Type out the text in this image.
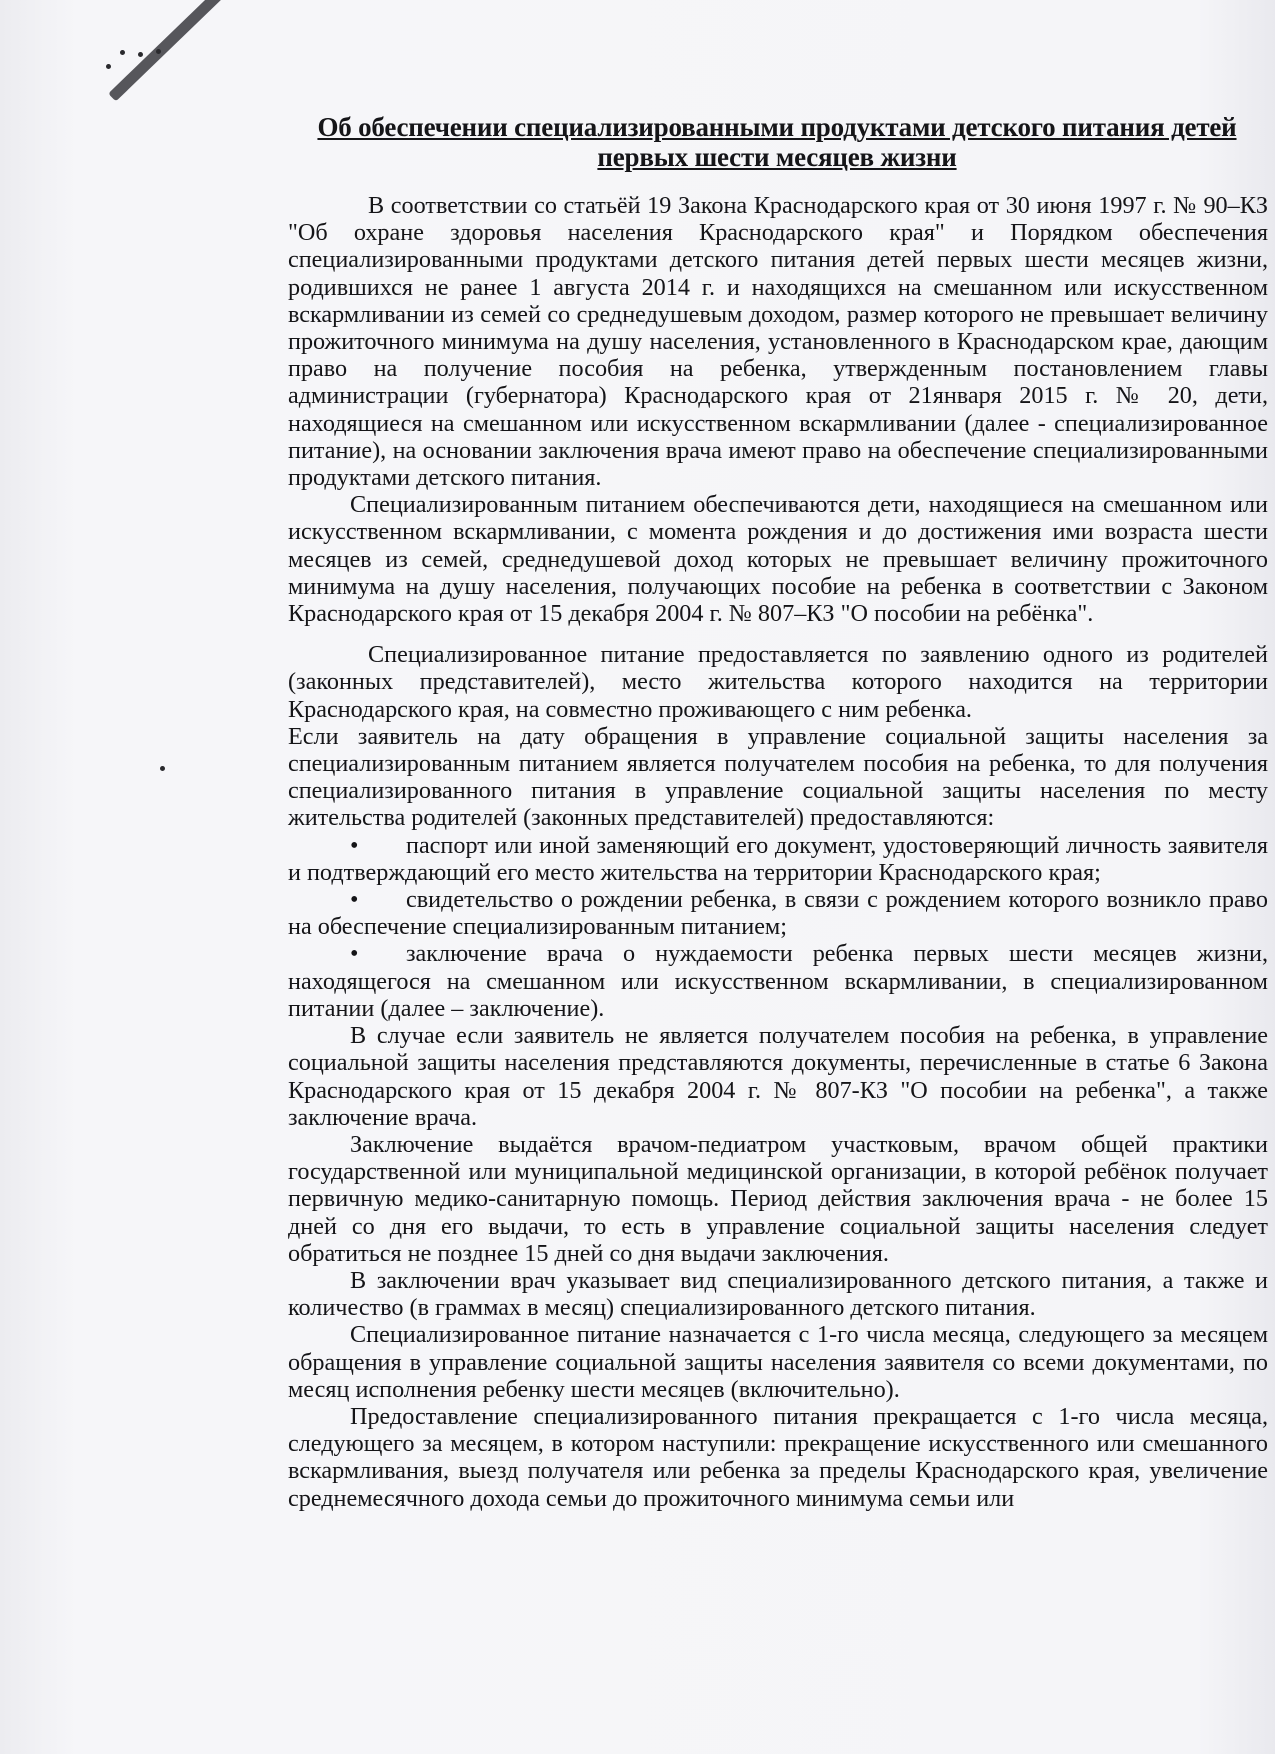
Об обеспечении специализированными продуктами детского питания детей первых шести месяцев жизни

В соответствии со статьёй 19 Закона Краснодарского края от 30 июня 1997 г. № 90–КЗ "Об охране здоровья населения Краснодарского края" и Порядком обеспечения специализированными продуктами детского питания детей первых шести месяцев жизни, родившихся не ранее 1 августа 2014 г. и находящихся на смешанном или искусственном вскармливании из семей со среднедушевым доходом, размер которого не превышает величину прожиточного минимума на душу населения, установленного в Краснодарском крае, дающим право на получение пособия на ребенка, утвержденным постановлением главы администрации (губернатора) Краснодарского края от 21января 2015 г. № 20, дети, находящиеся на смешанном или искусственном вскармливании (далее - специализированное питание), на основании заключения врача имеют право на обеспечение специализированными продуктами детского питания.

Специализированным питанием обеспечиваются дети, находящиеся на смешанном или искусственном вскармливании, с момента рождения и до достижения ими возраста шести месяцев из семей, среднедушевой доход которых не превышает величину прожиточного минимума на душу населения, получающих пособие на ребенка в соответствии с Законом Краснодарского края от 15 декабря 2004 г. № 807–КЗ "О пособии на ребёнка".

Специализированное питание предоставляется по заявлению одного из родителей (законных представителей), место жительства которого находится на территории Краснодарского края, на совместно проживающего с ним ребенка.

Если заявитель на дату обращения в управление социальной защиты населения за специализированным питанием является получателем пособия на ребенка, то для получения специализированного питания в управление социальной защиты населения по месту жительства родителей (законных представителей) предоставляются:

• паспорт или иной заменяющий его документ, удостоверяющий личность заявителя и подтверждающий его место жительства на территории Краснодарского края;

• свидетельство о рождении ребенка, в связи с рождением которого возникло право на обеспечение специализированным питанием;

• заключение врача о нуждаемости ребенка первых шести месяцев жизни, находящегося на смешанном или искусственном вскармливании, в специализированном питании (далее – заключение).

В случае если заявитель не является получателем пособия на ребенка, в управление социальной защиты населения представляются документы, перечисленные в статье 6 Закона Краснодарского края от 15 декабря 2004 г. № 807-КЗ "О пособии на ребенка", а также заключение врача.

Заключение выдаётся врачом-педиатром участковым, врачом общей практики государственной или муниципальной медицинской организации, в которой ребёнок получает первичную медико-санитарную помощь. Период действия заключения врача - не более 15 дней со дня его выдачи, то есть в управление социальной защиты населения следует обратиться не позднее 15 дней со дня выдачи заключения.

В заключении врач указывает вид специализированного детского питания, а также и количество (в граммах в месяц) специализированного детского питания.

Специализированное питание назначается с 1-го числа месяца, следующего за месяцем обращения в управление социальной защиты населения заявителя со всеми документами, по месяц исполнения ребенку шести месяцев (включительно).

Предоставление специализированного питания прекращается с 1-го числа месяца, следующего за месяцем, в котором наступили: прекращение искусственного или смешанного вскармливания, выезд получателя или ребенка за пределы Краснодарского края, увеличение среднемесячного дохода семьи до прожиточного минимума семьи или
